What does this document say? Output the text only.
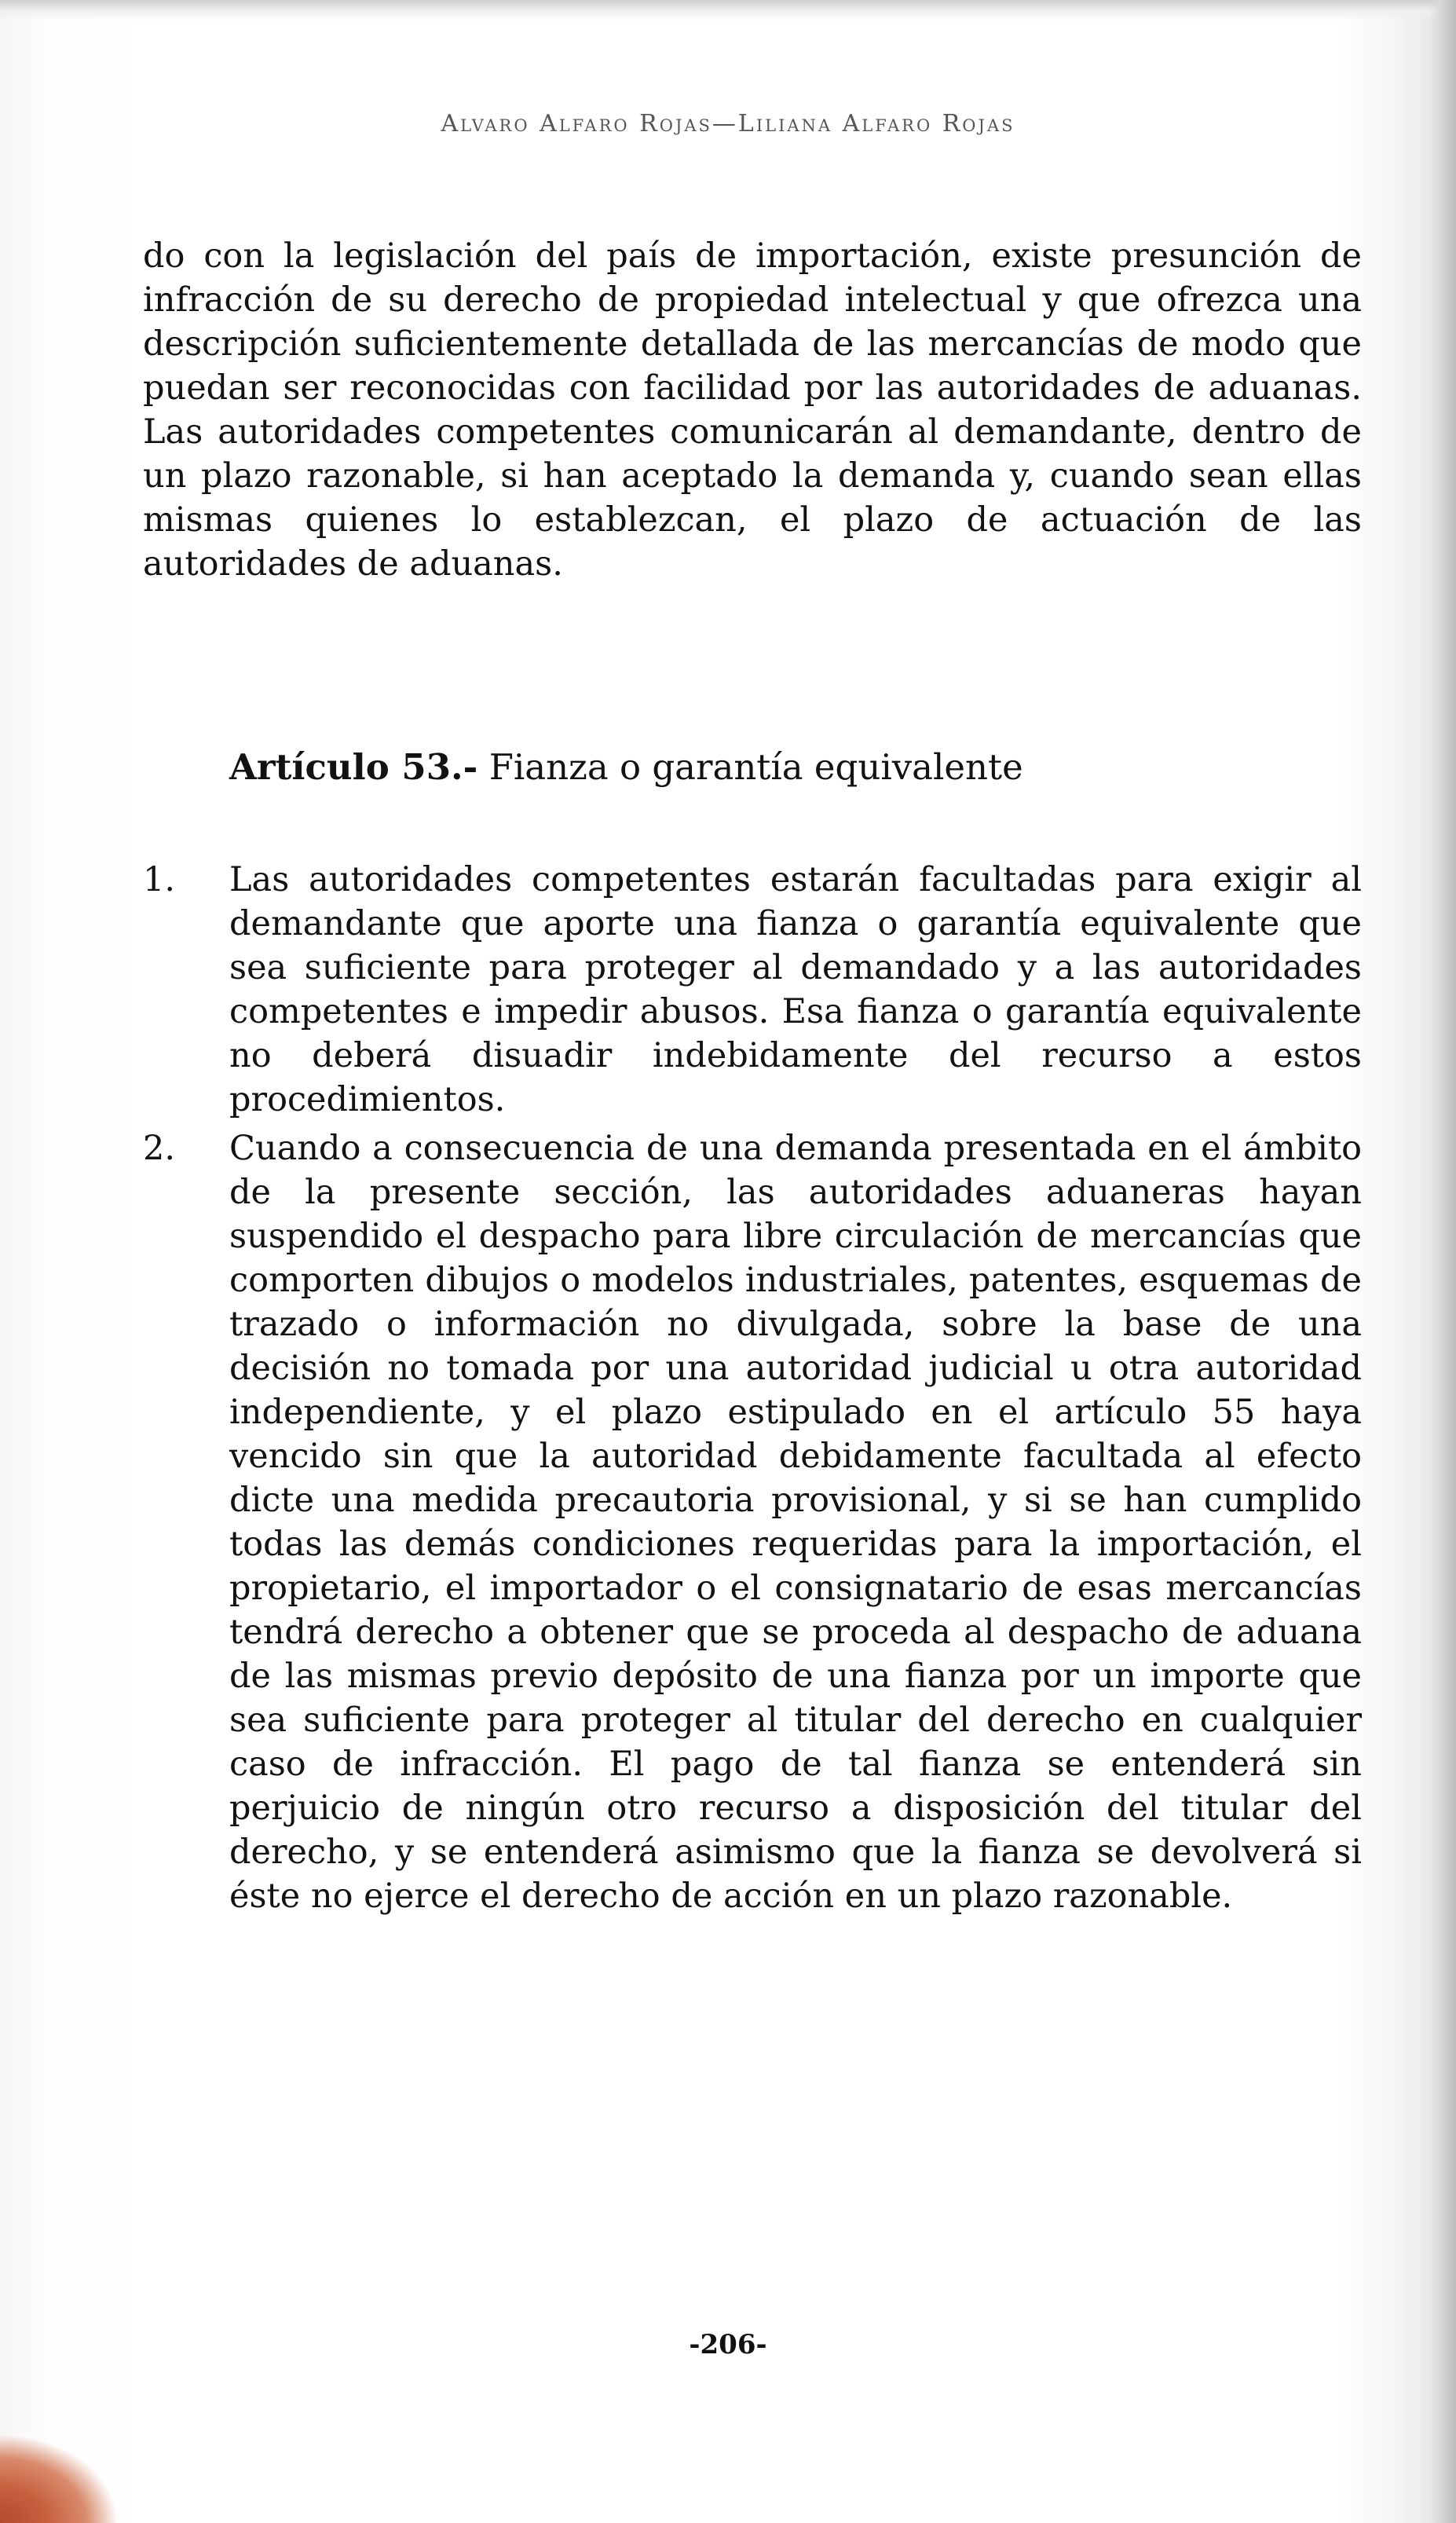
Alvaro Alfaro Rojas—Liliana Alfaro Rojas

do con la legislación del país de importación, existe presunción de infracción de su derecho de propiedad intelectual y que ofrezca una descripción suficientemente detallada de las mercancías de modo que puedan ser reconocidas con facilidad por las autoridades de aduanas. Las autoridades competentes comunicarán al demandante, dentro de un plazo razonable, si han aceptado la demanda y, cuando sean ellas mismas quienes lo establezcan, el plazo de actuación de las autoridades de aduanas.

Artículo 53.- Fianza o garantía equivalente

1. Las autoridades competentes estarán facultadas para exigir al demandante que aporte una fianza o garantía equivalente que sea suficiente para proteger al demandado y a las autoridades competentes e impedir abusos. Esa fianza o garantía equivalente no deberá disuadir indebidamente del recurso a estos procedimientos.
2. Cuando a consecuencia de una demanda presentada en el ámbito de la presente sección, las autoridades aduaneras hayan suspendido el despacho para libre circulación de mercancías que comporten dibujos o modelos industriales, patentes, esquemas de trazado o información no divulgada, sobre la base de una decisión no tomada por una autoridad judicial u otra autoridad independiente, y el plazo estipulado en el artículo 55 haya vencido sin que la autoridad debidamente facultada al efecto dicte una medida precautoria provisional, y si se han cumplido todas las demás condiciones requeridas para la importación, el propietario, el importador o el consignatario de esas mercancías tendrá derecho a obtener que se proceda al despacho de aduana de las mismas previo depósito de una fianza por un importe que sea suficiente para proteger al titular del derecho en cualquier caso de infracción. El pago de tal fianza se entenderá sin perjuicio de ningún otro recurso a disposición del titular del derecho, y se entenderá asimismo que la fianza se devolverá si éste no ejerce el derecho de acción en un plazo razonable.

-206-
